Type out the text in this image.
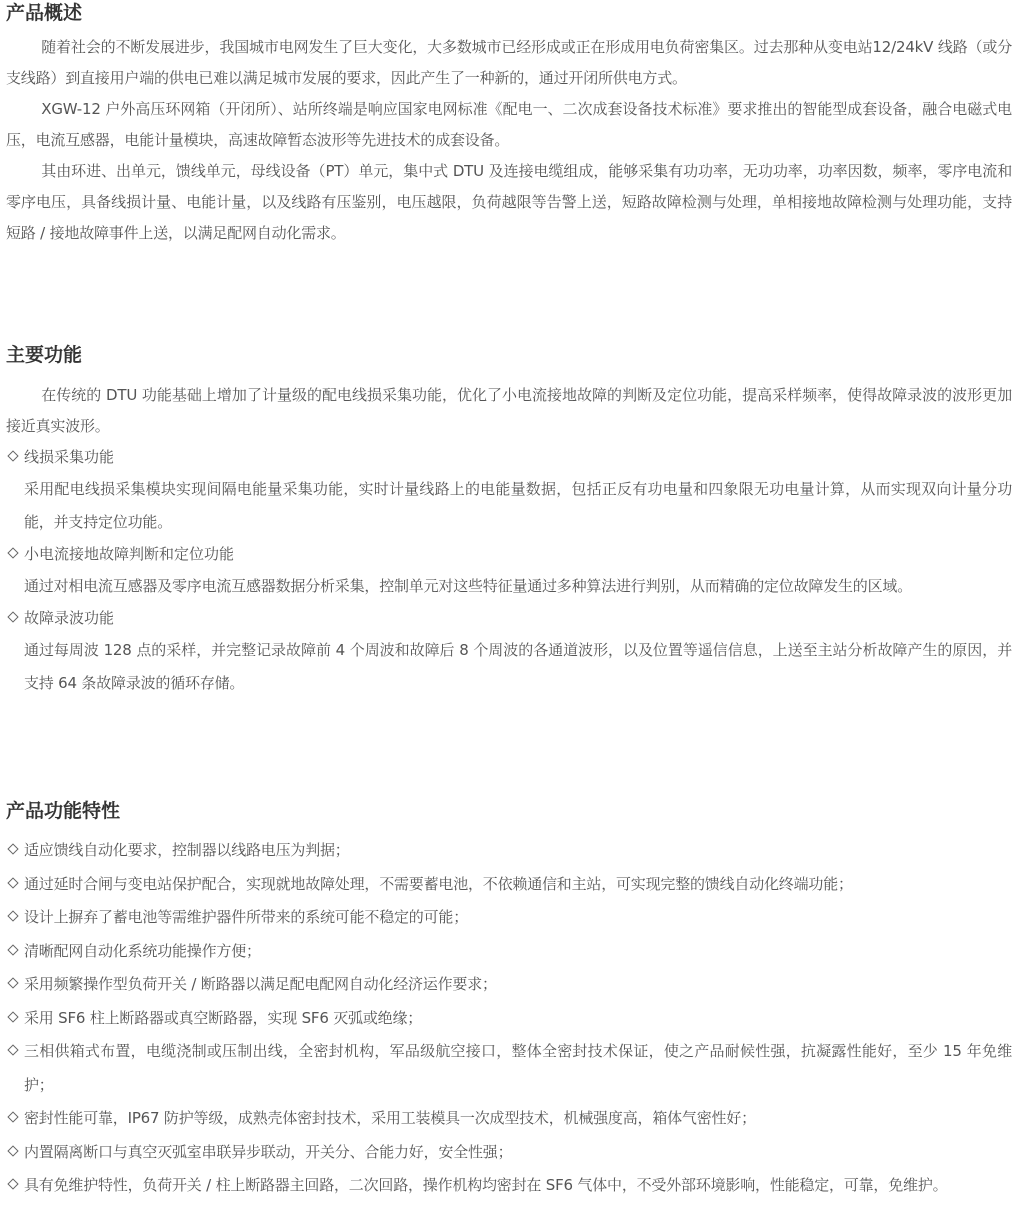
产品概述

随着社会的不断发展进步，我国城市电网发生了巨大变化，大多数城市已经形成或正在形成用电负荷密集区。过去那种从变电站12/24kV 线路（或分支线路）到直接用户端的供电已难以满足城市发展的要求，因此产生了一种新的，通过开闭所供电方式。

XGW-12 户外高压环网箱（开闭所）、站所终端是响应国家电网标准《配电一、二次成套设备技术标准》要求推出的智能型成套设备，融合电磁式电压，电流互感器，电能计量模块，高速故障暂态波形等先进技术的成套设备。

其由环进、出单元，馈线单元，母线设备（PT）单元，集中式 DTU 及连接电缆组成，能够采集有功功率，无功功率，功率因数，频率，零序电流和零序电压，具备线损计量、电能计量，以及线路有压鉴别，电压越限，负荷越限等告警上送，短路故障检测与处理，单相接地故障检测与处理功能，支持短路 / 接地故障事件上送，以满足配网自动化需求。

主要功能

在传统的 DTU 功能基础上增加了计量级的配电线损采集功能，优化了小电流接地故障的判断及定位功能，提高采样频率，使得故障录波的波形更加接近真实波形。

线损采集功能

采用配电线损采集模块实现间隔电能量采集功能，实时计量线路上的电能量数据，包括正反有功电量和四象限无功电量计算，从而实现双向计量分功能，并支持定位功能。

小电流接地故障判断和定位功能

通过对相电流互感器及零序电流互感器数据分析采集，控制单元对这些特征量通过多种算法进行判别，从而精确的定位故障发生的区域。

故障录波功能

通过每周波 128 点的采样，并完整记录故障前 4 个周波和故障后 8 个周波的各通道波形，以及位置等遥信信息，上送至主站分析故障产生的原因，并支持 64 条故障录波的循环存储。

产品功能特性
适应馈线自动化要求，控制器以线路电压为判据；
通过延时合闸与变电站保护配合，实现就地故障处理，不需要蓄电池，不依赖通信和主站，可实现完整的馈线自动化终端功能；
设计上摒弃了蓄电池等需维护器件所带来的系统可能不稳定的可能；
清晰配网自动化系统功能操作方便；
采用频繁操作型负荷开关 / 断路器以满足配电配网自动化经济运作要求；
采用 SF6 柱上断路器或真空断路器，实现 SF6 灭弧或绝缘；
三相供箱式布置，电缆浇制或压制出线，全密封机构，军品级航空接口，整体全密封技术保证，使之产品耐候性强，抗凝露性能好，至少 15 年免维护；
密封性能可靠，IP67 防护等级，成熟壳体密封技术，采用工装模具一次成型技术，机械强度高，箱体气密性好；
内置隔离断口与真空灭弧室串联异步联动，开关分、合能力好，安全性强；
具有免维护特性，负荷开关 / 柱上断路器主回路，二次回路，操作机构均密封在 SF6 气体中，不受外部环境影响，性能稳定，可靠，免维护。
